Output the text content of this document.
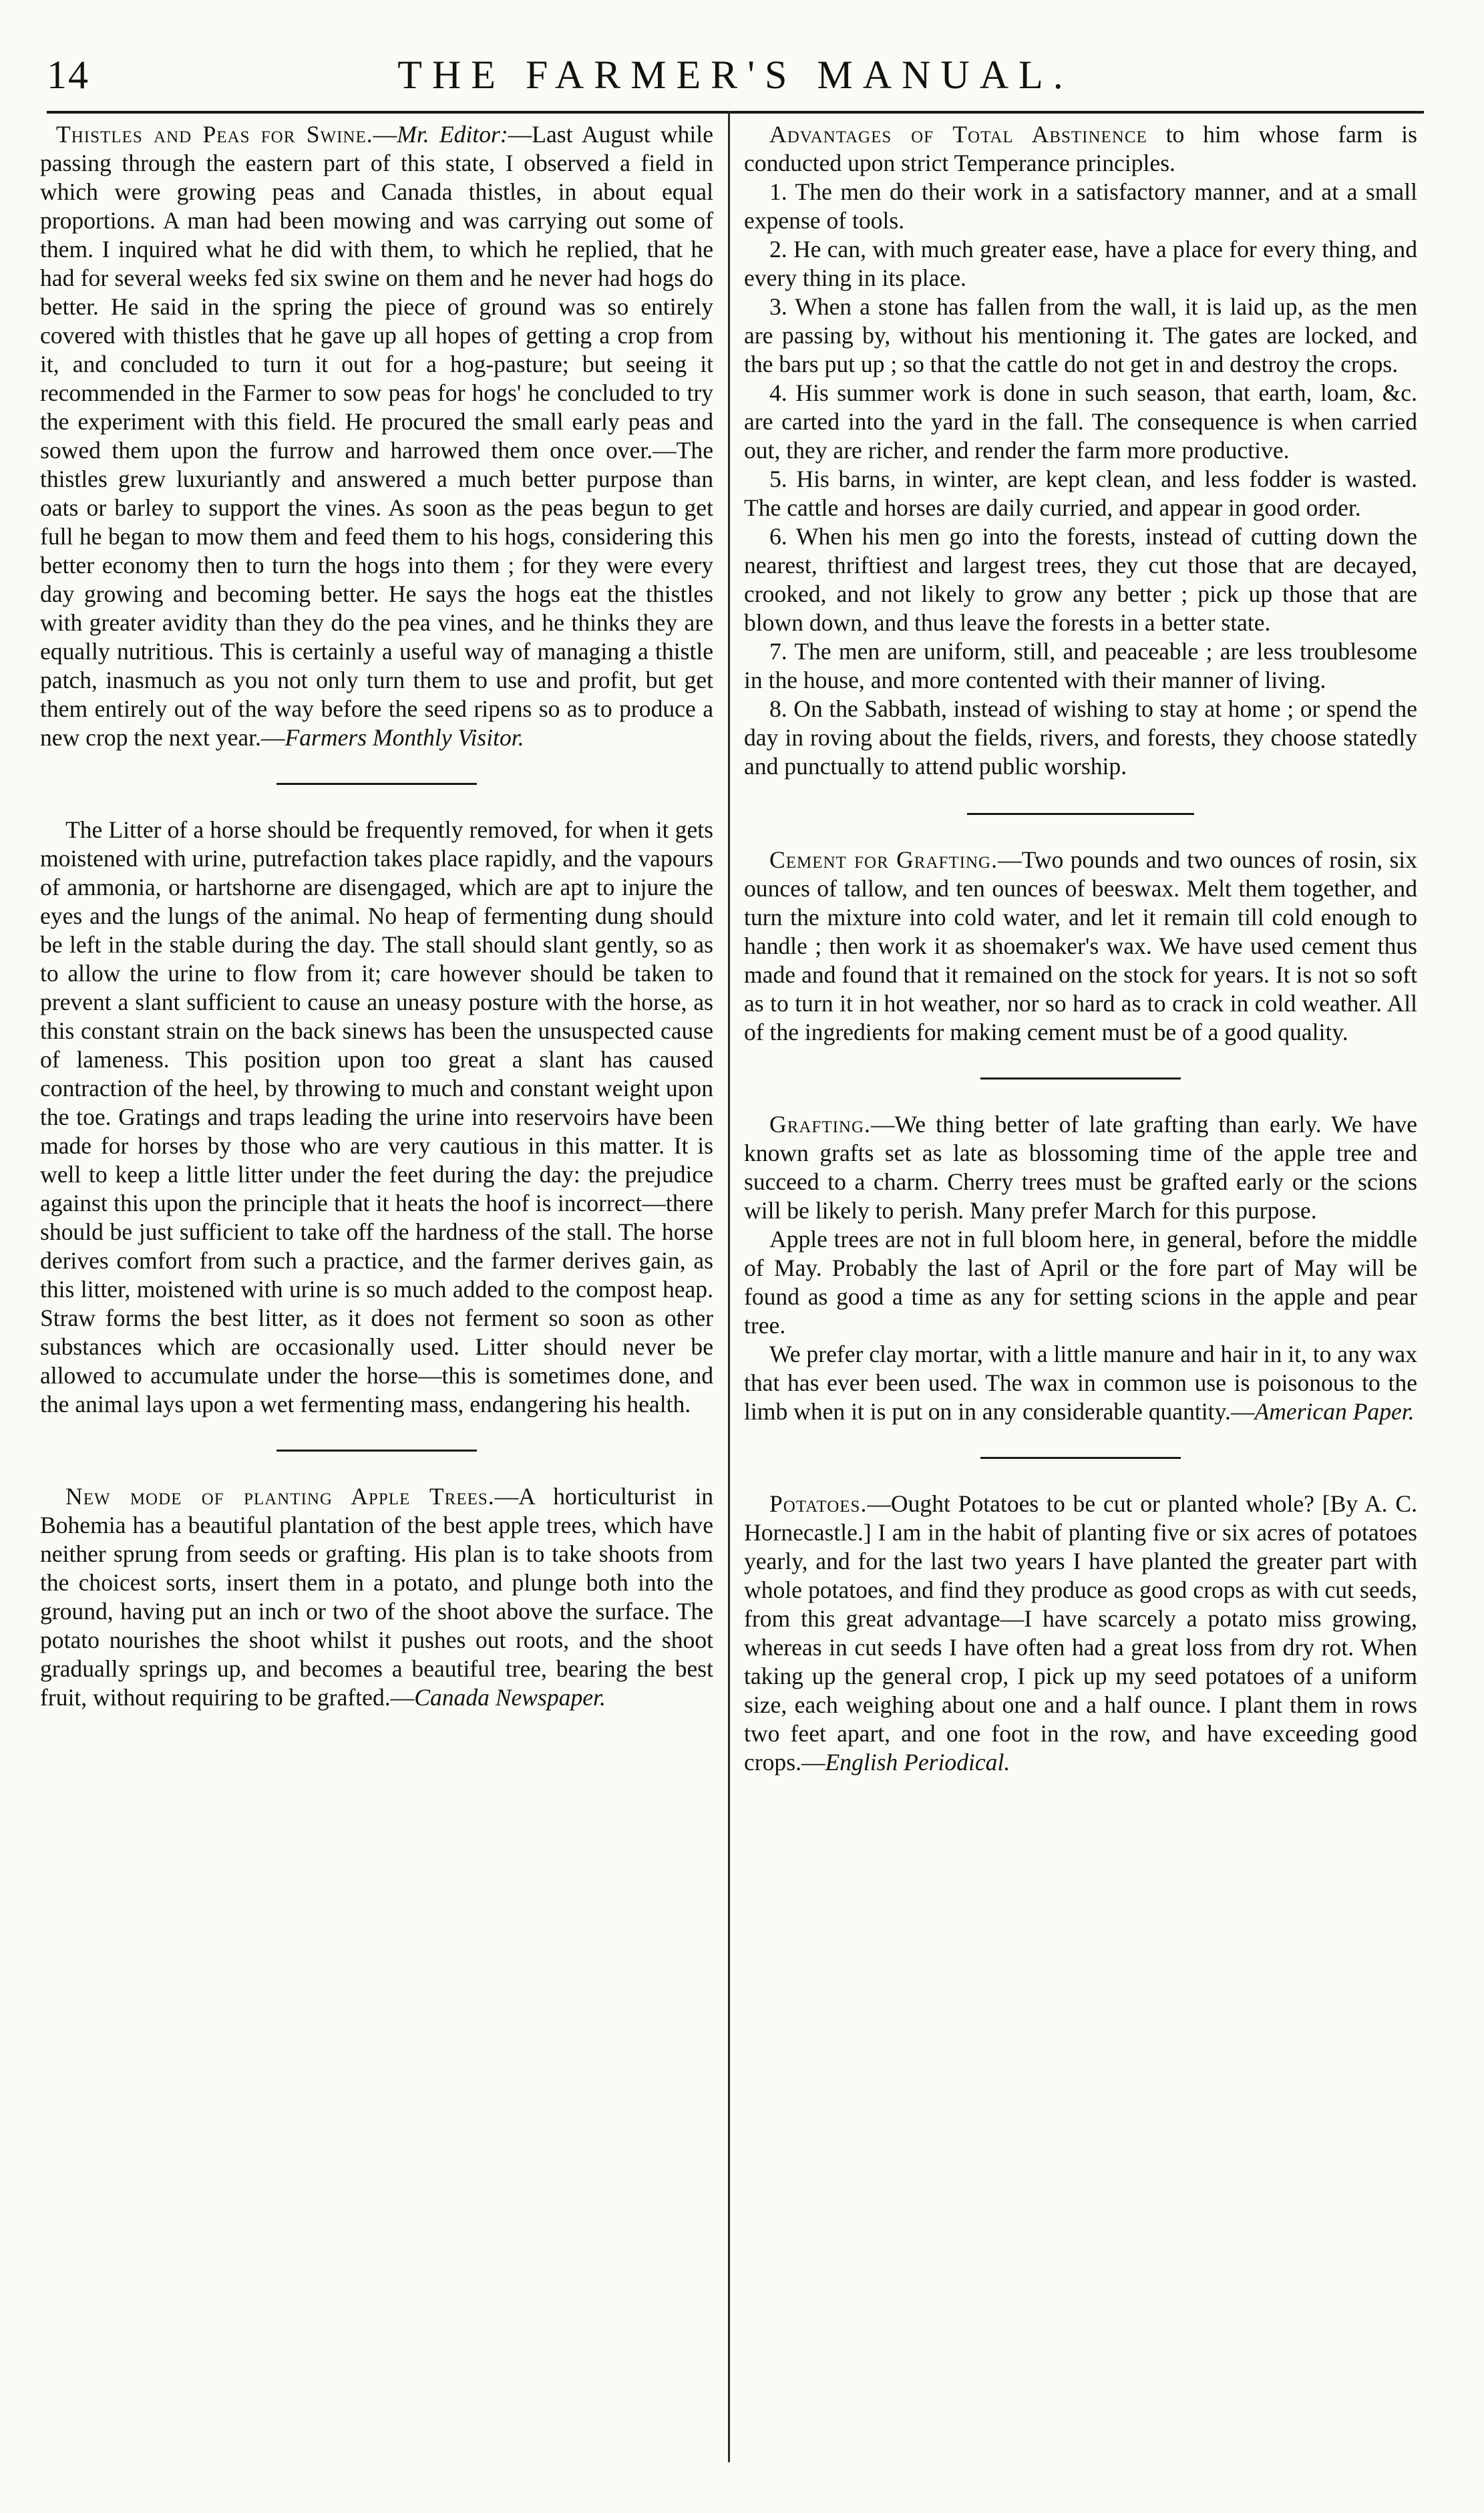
14	THE FARMER'S MANUAL.

Thistles and Peas for Swine.—Mr. Editor:—Last August while passing through the eastern part of this state, I observed a field in which were growing peas and Canada thistles, in about equal proportions. A man had been mowing and was carrying out some of them. I inquired what he did with them, to which he replied, that he had for several weeks fed six swine on them and he never had hogs do better. He said in the spring the piece of ground was so entirely covered with thistles that he gave up all hopes of getting a crop from it, and concluded to turn it out for a hog-pasture; but seeing it recommended in the Farmer to sow peas for hogs' he concluded to try the experiment with this field. He procured the small early peas and sowed them upon the furrow and harrowed them once over.—The thistles grew luxuriantly and answered a much better purpose than oats or barley to support the vines. As soon as the peas begun to get full he began to mow them and feed them to his hogs, considering this better economy then to turn the hogs into them ; for they were every day growing and becoming better. He says the hogs eat the thistles with greater avidity than they do the pea vines, and he thinks they are equally nutritious. This is certainly a useful way of managing a thistle patch, inasmuch as you not only turn them to use and profit, but get them entirely out of the way before the seed ripens so as to produce a new crop the next year.—Farmers Monthly Visitor.

The Litter of a horse should be frequently removed, for when it gets moistened with urine, putrefaction takes place rapidly, and the vapours of ammonia, or hartshorne are disengaged, which are apt to injure the eyes and the lungs of the animal. No heap of fermenting dung should be left in the stable during the day. The stall should slant gently, so as to allow the urine to flow from it; care however should be taken to prevent a slant sufficient to cause an uneasy posture with the horse, as this constant strain on the back sinews has been the unsuspected cause of lameness. This position upon too great a slant has caused contraction of the heel, by throwing to much and constant weight upon the toe. Gratings and traps leading the urine into reservoirs have been made for horses by those who are very cautious in this matter. It is well to keep a little litter under the feet during the day: the prejudice against this upon the principle that it heats the hoof is incorrect—there should be just sufficient to take off the hardness of the stall. The horse derives comfort from such a practice, and the farmer derives gain, as this litter, moistened with urine is so much added to the compost heap. Straw forms the best litter, as it does not ferment so soon as other substances which are occasionally used. Litter should never be allowed to accumulate under the horse—this is sometimes done, and the animal lays upon a wet fermenting mass, endangering his health.

New mode of planting Apple Trees.—A horticulturist in Bohemia has a beautiful plantation of the best apple trees, which have neither sprung from seeds or grafting. His plan is to take shoots from the choicest sorts, insert them in a potato, and plunge both into the ground, having put an inch or two of the shoot above the surface. The potato nourishes the shoot whilst it pushes out roots, and the shoot gradually springs up, and becomes a beautiful tree, bearing the best fruit, without requiring to be grafted.—Canada Newspaper.

Advantages of Total Abstinence to him whose farm is conducted upon strict Temperance principles.

1. The men do their work in a satisfactory manner, and at a small expense of tools.

2. He can, with much greater ease, have a place for every thing, and every thing in its place.

3. When a stone has fallen from the wall, it is laid up, as the men are passing by, without his mentioning it. The gates are locked, and the bars put up ; so that the cattle do not get in and destroy the crops.

4. His summer work is done in such season, that earth, loam, &c. are carted into the yard in the fall. The consequence is when carried out, they are richer, and render the farm more productive.

5. His barns, in winter, are kept clean, and less fodder is wasted. The cattle and horses are daily curried, and appear in good order.

6. When his men go into the forests, instead of cutting down the nearest, thriftiest and largest trees, they cut those that are decayed, crooked, and not likely to grow any better ; pick up those that are blown down, and thus leave the forests in a better state.

7. The men are uniform, still, and peaceable ; are less troublesome in the house, and more contented with their manner of living.

8. On the Sabbath, instead of wishing to stay at home ; or spend the day in roving about the fields, rivers, and forests, they choose statedly and punctually to attend public worship.

Cement for Grafting.—Two pounds and two ounces of rosin, six ounces of tallow, and ten ounces of beeswax. Melt them together, and turn the mixture into cold water, and let it remain till cold enough to handle ; then work it as shoemaker's wax. We have used cement thus made and found that it remained on the stock for years. It is not so soft as to turn it in hot weather, nor so hard as to crack in cold weather. All of the ingredients for making cement must be of a good quality.

Grafting.—We thing better of late grafting than early. We have known grafts set as late as blossoming time of the apple tree and succeed to a charm. Cherry trees must be grafted early or the scions will be likely to perish. Many prefer March for this purpose.

Apple trees are not in full bloom here, in general, before the middle of May. Probably the last of April or the fore part of May will be found as good a time as any for setting scions in the apple and pear tree.

We prefer clay mortar, with a little manure and hair in it, to any wax that has ever been used. The wax in common use is poisonous to the limb when it is put on in any considerable quantity.—American Paper.

Potatoes.—Ought Potatoes to be cut or planted whole? [By A. C. Hornecastle.] I am in the habit of planting five or six acres of potatoes yearly, and for the last two years I have planted the greater part with whole potatoes, and find they produce as good crops as with cut seeds, from this great advantage—I have scarcely a potato miss growing, whereas in cut seeds I have often had a great loss from dry rot. When taking up the general crop, I pick up my seed potatoes of a uniform size, each weighing about one and a half ounce. I plant them in rows two feet apart, and one foot in the row, and have exceeding good crops.—English Periodical.
